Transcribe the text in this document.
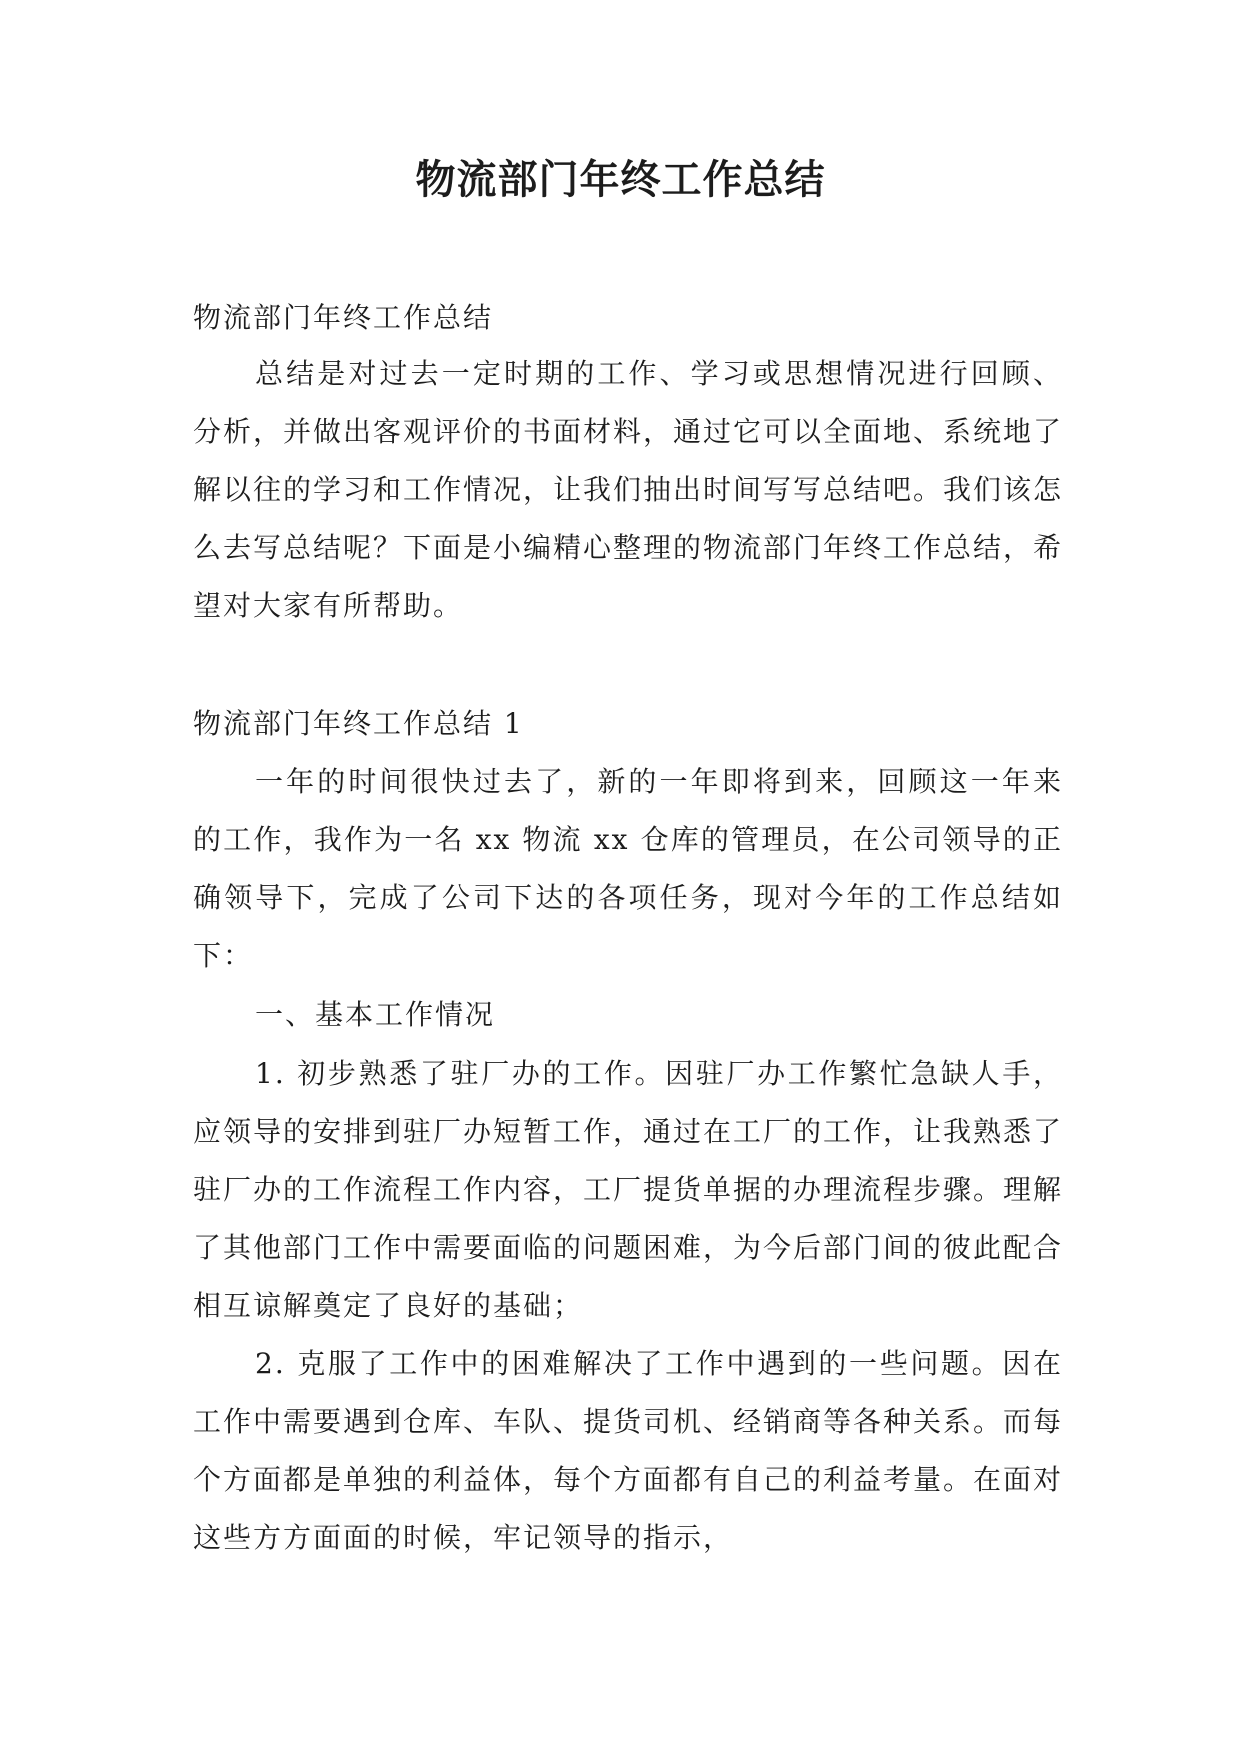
物流部门年终工作总结

物流部门年终工作总结

总结是对过去一定时期的工作、学习或思想情况进行回顾、分析，并做出客观评价的书面材料，通过它可以全面地、系统地了解以往的学习和工作情况，让我们抽出时间写写总结吧。我们该怎么去写总结呢？下面是小编精心整理的物流部门年终工作总结，希望对大家有所帮助。

物流部门年终工作总结 1

一年的时间很快过去了，新的一年即将到来，回顾这一年来的工作，我作为一名 xx 物流 xx 仓库的管理员，在公司领导的正确领导下，完成了公司下达的各项任务，现对今年的工作总结如下：

一、基本工作情况

1. 初步熟悉了驻厂办的工作。因驻厂办工作繁忙急缺人手，应领导的安排到驻厂办短暂工作，通过在工厂的工作，让我熟悉了驻厂办的工作流程工作内容，工厂提货单据的办理流程步骤。理解了其他部门工作中需要面临的问题困难，为今后部门间的彼此配合相互谅解奠定了良好的基础；

2. 克服了工作中的困难解决了工作中遇到的一些问题。因在工作中需要遇到仓库、车队、提货司机、经销商等各种关系。而每个方面都是单独的利益体，每个方面都有自己的利益考量。在面对这些方方面面的时候，牢记领导的指示，
